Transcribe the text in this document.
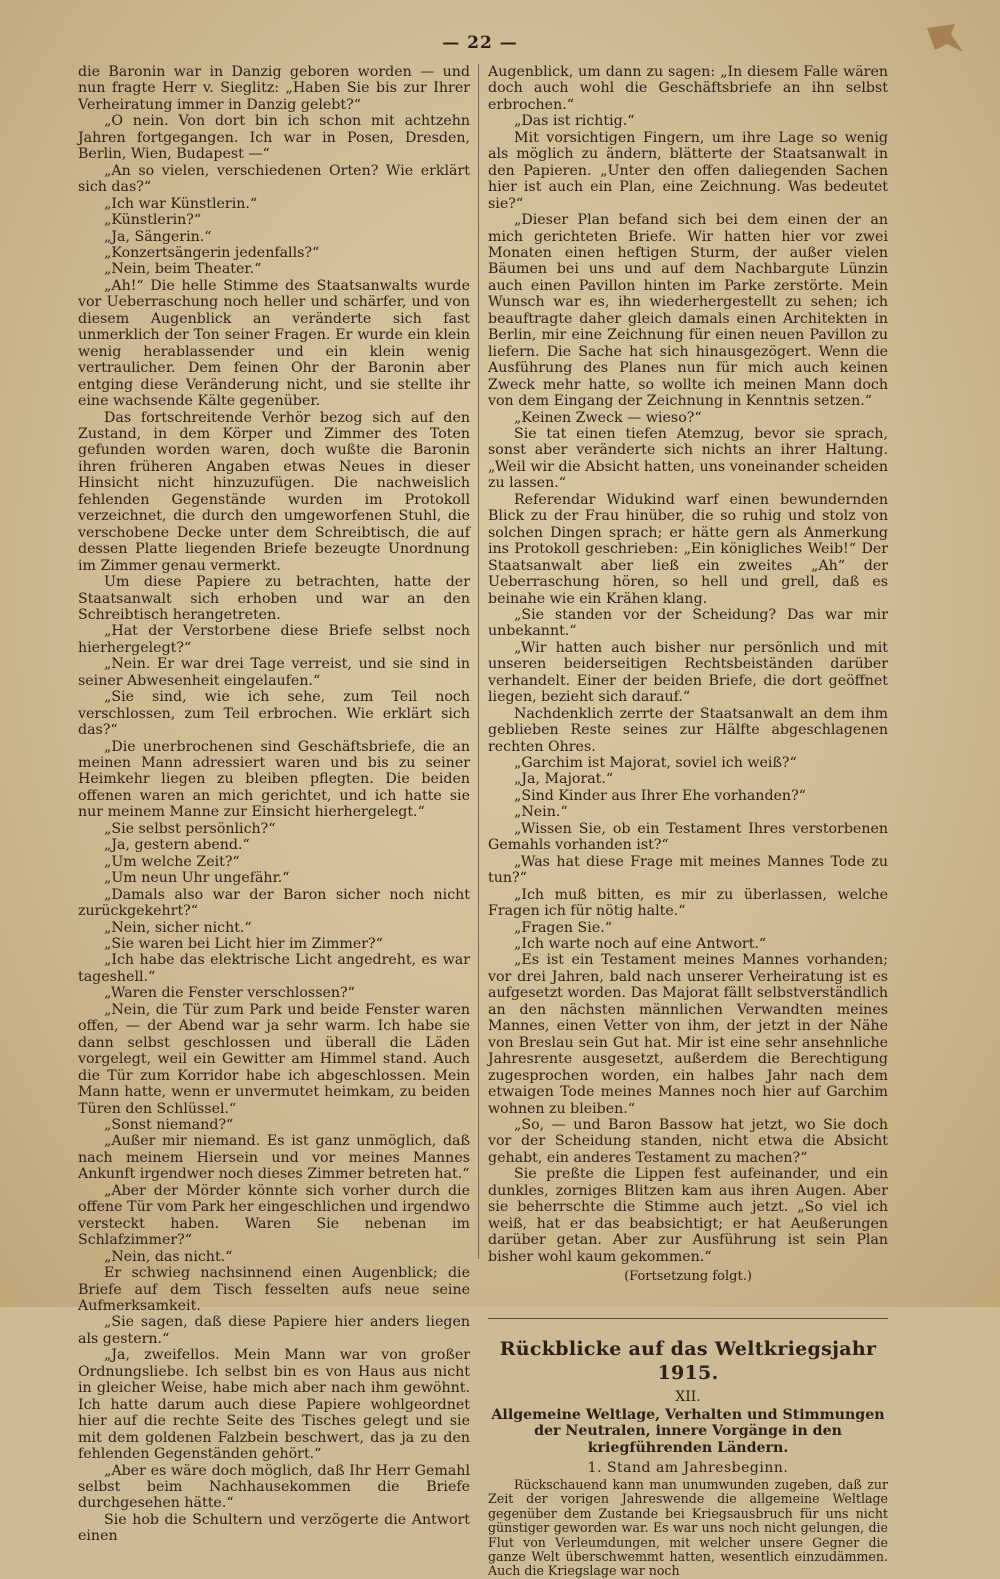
— 22 —

die Baronin war in Danzig geboren worden — und nun fragte Herr v. Sieglitz: „Haben Sie bis zur Ihrer Verheiratung immer in Danzig gelebt?“

„O nein. Von dort bin ich schon mit achtzehn Jahren fortgegangen. Ich war in Posen, Dresden, Berlin, Wien, Budapest —“

„An so vielen, verschiedenen Orten? Wie erklärt sich das?“

„Ich war Künstlerin.“

„Künstlerin?“

„Ja, Sängerin.“

„Konzertsängerin jedenfalls?“

„Nein, beim Theater.“

„Ah!“ Die helle Stimme des Staatsanwalts wurde vor Ueberraschung noch heller und schärfer, und von diesem Augenblick an veränderte sich fast unmerklich der Ton seiner Fragen. Er wurde ein klein wenig herablassender und ein klein wenig vertraulicher. Dem feinen Ohr der Baronin aber entging diese Veränderung nicht, und sie stellte ihr eine wachsende Kälte gegenüber.

Das fortschreitende Verhör bezog sich auf den Zustand, in dem Körper und Zimmer des Toten gefunden worden waren, doch wußte die Baronin ihren früheren Angaben etwas Neues in dieser Hinsicht nicht hinzuzufügen. Die nachweislich fehlenden Gegenstände wurden im Protokoll verzeichnet, die durch den umgeworfenen Stuhl, die verschobene Decke unter dem Schreibtisch, die auf dessen Platte liegenden Briefe bezeugte Unordnung im Zimmer genau vermerkt.

Um diese Papiere zu betrachten, hatte der Staatsanwalt sich erhoben und war an den Schreibtisch herangetreten.

„Hat der Verstorbene diese Briefe selbst noch hierhergelegt?“

„Nein. Er war drei Tage verreist, und sie sind in seiner Abwesenheit eingelaufen.“

„Sie sind, wie ich sehe, zum Teil noch verschlossen, zum Teil erbrochen. Wie erklärt sich das?“

„Die unerbrochenen sind Geschäftsbriefe, die an meinen Mann adressiert waren und bis zu seiner Heimkehr liegen zu bleiben pflegten. Die beiden offenen waren an mich gerichtet, und ich hatte sie nur meinem Manne zur Einsicht hierhergelegt.“

„Sie selbst persönlich?“

„Ja, gestern abend.“

„Um welche Zeit?“

„Um neun Uhr ungefähr.“

„Damals also war der Baron sicher noch nicht zurückgekehrt?“

„Nein, sicher nicht.“

„Sie waren bei Licht hier im Zimmer?“

„Ich habe das elektrische Licht angedreht, es war tageshell.“

„Waren die Fenster verschlossen?“

„Nein, die Tür zum Park und beide Fenster waren offen, — der Abend war ja sehr warm. Ich habe sie dann selbst geschlossen und überall die Läden vorgelegt, weil ein Gewitter am Himmel stand. Auch die Tür zum Korridor habe ich abgeschlossen. Mein Mann hatte, wenn er unvermutet heimkam, zu beiden Türen den Schlüssel.“

„Sonst niemand?“

„Außer mir niemand. Es ist ganz unmöglich, daß nach meinem Hiersein und vor meines Mannes Ankunft irgendwer noch dieses Zimmer betreten hat.“

„Aber der Mörder könnte sich vorher durch die offene Tür vom Park her eingeschlichen und irgendwo versteckt haben. Waren Sie nebenan im Schlafzimmer?“

„Nein, das nicht.“

Er schwieg nachsinnend einen Augenblick; die Briefe auf dem Tisch fesselten aufs neue seine Aufmerksamkeit.

„Sie sagen, daß diese Papiere hier anders liegen als gestern.“

„Ja, zweifellos. Mein Mann war von großer Ordnungsliebe. Ich selbst bin es von Haus aus nicht in gleicher Weise, habe mich aber nach ihm gewöhnt. Ich hatte darum auch diese Papiere wohlgeordnet hier auf die rechte Seite des Tisches gelegt und sie mit dem goldenen Falzbein beschwert, das ja zu den fehlenden Gegenständen gehört.“

„Aber es wäre doch möglich, daß Ihr Herr Gemahl selbst beim Nachhausekommen die Briefe durchgesehen hätte.“

Sie hob die Schultern und verzögerte die Antwort einen

Augenblick, um dann zu sagen: „In diesem Falle wären doch auch wohl die Geschäftsbriefe an ihn selbst erbrochen.“

„Das ist richtig.“

Mit vorsichtigen Fingern, um ihre Lage so wenig als möglich zu ändern, blätterte der Staatsanwalt in den Papieren. „Unter den offen daliegenden Sachen hier ist auch ein Plan, eine Zeichnung. Was bedeutet sie?“

„Dieser Plan befand sich bei dem einen der an mich gerichteten Briefe. Wir hatten hier vor zwei Monaten einen heftigen Sturm, der außer vielen Bäumen bei uns und auf dem Nachbargute Lünzin auch einen Pavillon hinten im Parke zerstörte. Mein Wunsch war es, ihn wiederhergestellt zu sehen; ich beauftragte daher gleich damals einen Architekten in Berlin, mir eine Zeichnung für einen neuen Pavillon zu liefern. Die Sache hat sich hinausgezögert. Wenn die Ausführung des Planes nun für mich auch keinen Zweck mehr hatte, so wollte ich meinen Mann doch von dem Eingang der Zeichnung in Kenntnis setzen.“

„Keinen Zweck — wieso?“

Sie tat einen tiefen Atemzug, bevor sie sprach, sonst aber veränderte sich nichts an ihrer Haltung. „Weil wir die Absicht hatten, uns voneinander scheiden zu lassen.“

Referendar Widukind warf einen bewundernden Blick zu der Frau hinüber, die so ruhig und stolz von solchen Dingen sprach; er hätte gern als Anmerkung ins Protokoll geschrieben: „Ein königliches Weib!“ Der Staatsanwalt aber ließ ein zweites „Ah“ der Ueberraschung hören, so hell und grell, daß es beinahe wie ein Krähen klang.

„Sie standen vor der Scheidung? Das war mir unbekannt.“

„Wir hatten auch bisher nur persönlich und mit unseren beiderseitigen Rechtsbeiständen darüber verhandelt. Einer der beiden Briefe, die dort geöffnet liegen, bezieht sich darauf.“

Nachdenklich zerrte der Staatsanwalt an dem ihm geblieben Reste seines zur Hälfte abgeschlagenen rechten Ohres.

„Garchim ist Majorat, soviel ich weiß?“

„Ja, Majorat.“

„Sind Kinder aus Ihrer Ehe vorhanden?“

„Nein.“

„Wissen Sie, ob ein Testament Ihres verstorbenen Gemahls vorhanden ist?“

„Was hat diese Frage mit meines Mannes Tode zu tun?“

„Ich muß bitten, es mir zu überlassen, welche Fragen ich für nötig halte.“

„Fragen Sie.“

„Ich warte noch auf eine Antwort.“

„Es ist ein Testament meines Mannes vorhanden; vor drei Jahren, bald nach unserer Verheiratung ist es aufgesetzt worden. Das Majorat fällt selbstverständlich an den nächsten männlichen Verwandten meines Mannes, einen Vetter von ihm, der jetzt in der Nähe von Breslau sein Gut hat. Mir ist eine sehr ansehnliche Jahresrente ausgesetzt, außerdem die Berechtigung zugesprochen worden, ein halbes Jahr nach dem etwaigen Tode meines Mannes noch hier auf Garchim wohnen zu bleiben.“

„So, — und Baron Bassow hat jetzt, wo Sie doch vor der Scheidung standen, nicht etwa die Absicht gehabt, ein anderes Testament zu machen?“

Sie preßte die Lippen fest aufeinander, und ein dunkles, zorniges Blitzen kam aus ihren Augen. Aber sie beherrschte die Stimme auch jetzt. „So viel ich weiß, hat er das beabsichtigt; er hat Aeußerungen darüber getan. Aber zur Ausführung ist sein Plan bisher wohl kaum gekommen.“

(Fortsetzung folgt.)

Rückblicke auf das Weltkriegsjahr 1915.
XII.
Allgemeine Weltlage, Verhalten und Stimmungen der Neutralen, innere Vorgänge in den kriegführenden Ländern.
1. Stand am Jahresbeginn.

Rückschauend kann man unumwunden zugeben, daß zur Zeit der vorigen Jahreswende die allgemeine Weltlage gegenüber dem Zustande bei Kriegsausbruch für uns nicht günstiger geworden war. Es war uns noch nicht gelungen, die Flut von Verleumdungen, mit welcher unsere Gegner die ganze Welt überschwemmt hatten, wesentlich einzudämmen. Auch die Kriegslage war noch
